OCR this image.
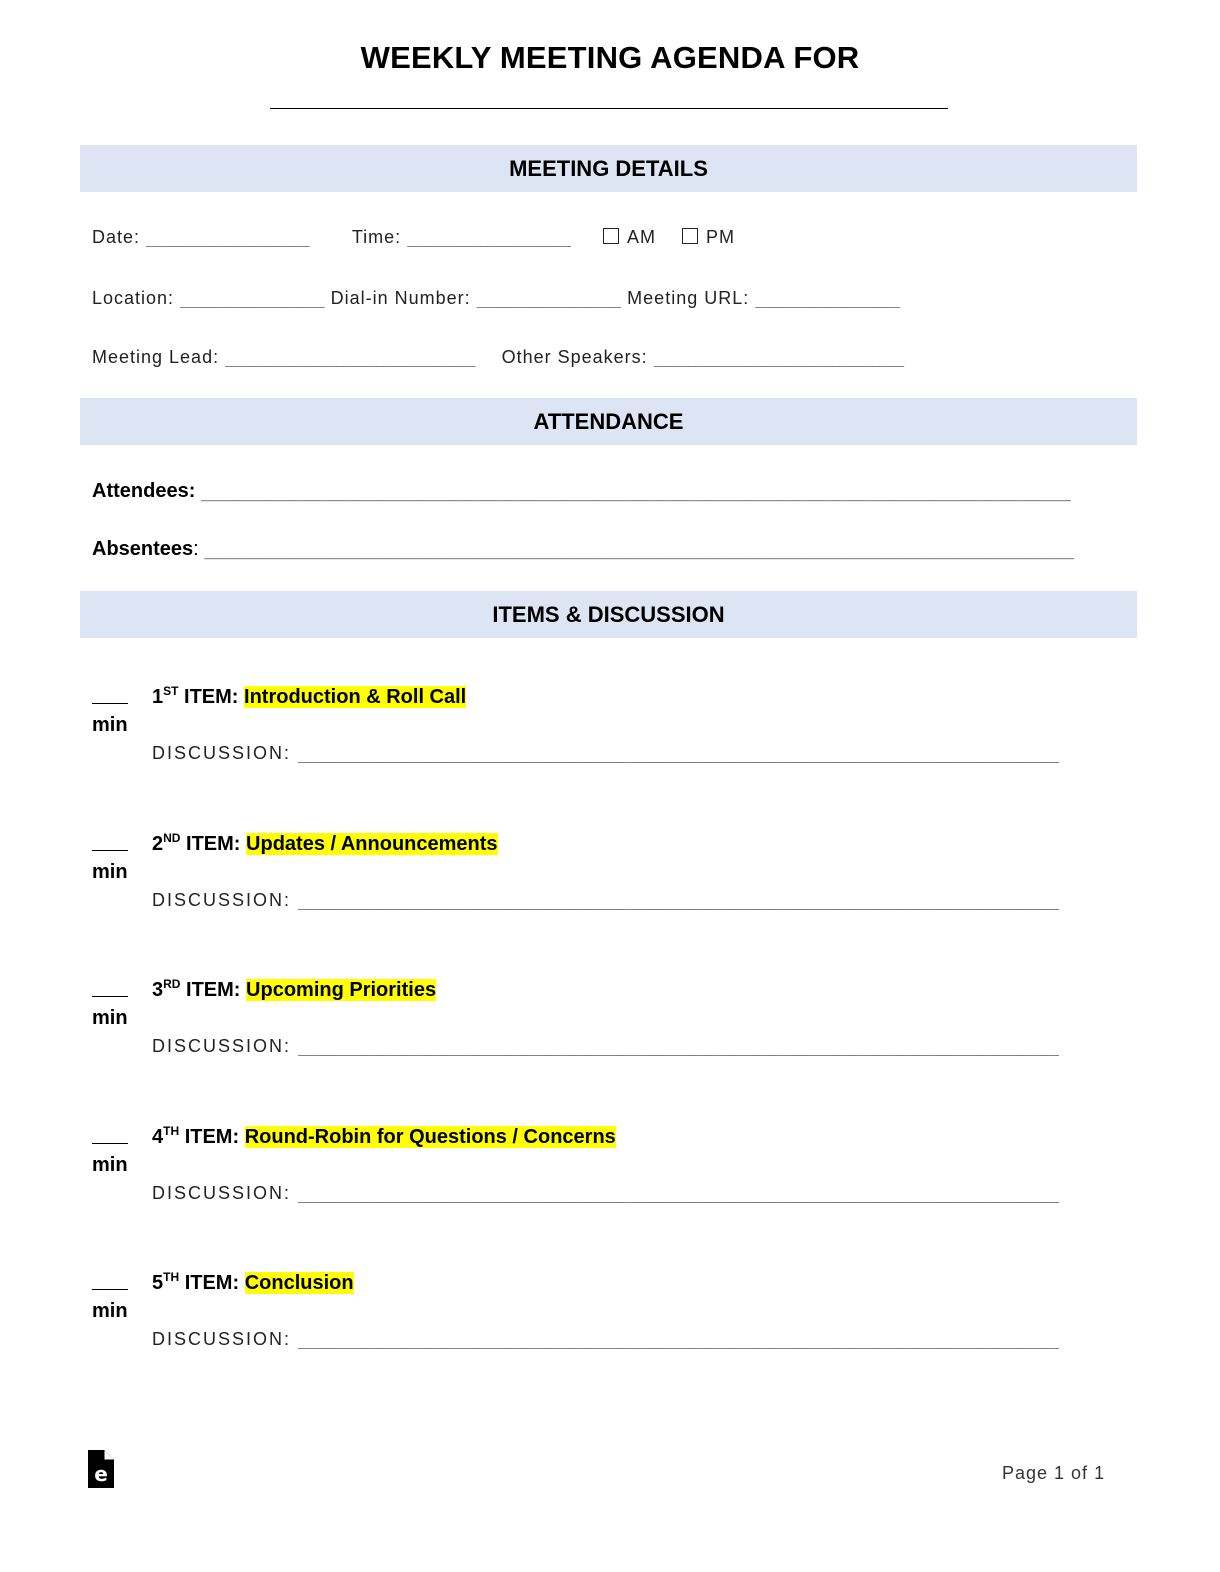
WEEKLY MEETING AGENDA FOR
MEETING DETAILS
Date: _________________ Time: _________________	AM	PM
Location: _______________ Dial-in Number: _______________ Meeting URL: _______________
Meeting Lead: __________________________ Other Speakers: __________________________
ATTENDANCE
Attendees: _____________________________________________________________________________________
Absentees: _____________________________________________________________________________________
ITEMS & DISCUSSION
min
1ST ITEM: Introduction & Roll Call
DISCUSSION: _______________________________________________________________________________
min
2ND ITEM: Updates / Announcements
DISCUSSION: _______________________________________________________________________________
min
3RD ITEM: Upcoming Priorities
DISCUSSION: _______________________________________________________________________________
min
4TH ITEM: Round-Robin for Questions / Concerns
DISCUSSION: _______________________________________________________________________________
min
5TH ITEM: Conclusion
DISCUSSION: _______________________________________________________________________________
e	Page 1 of 1
